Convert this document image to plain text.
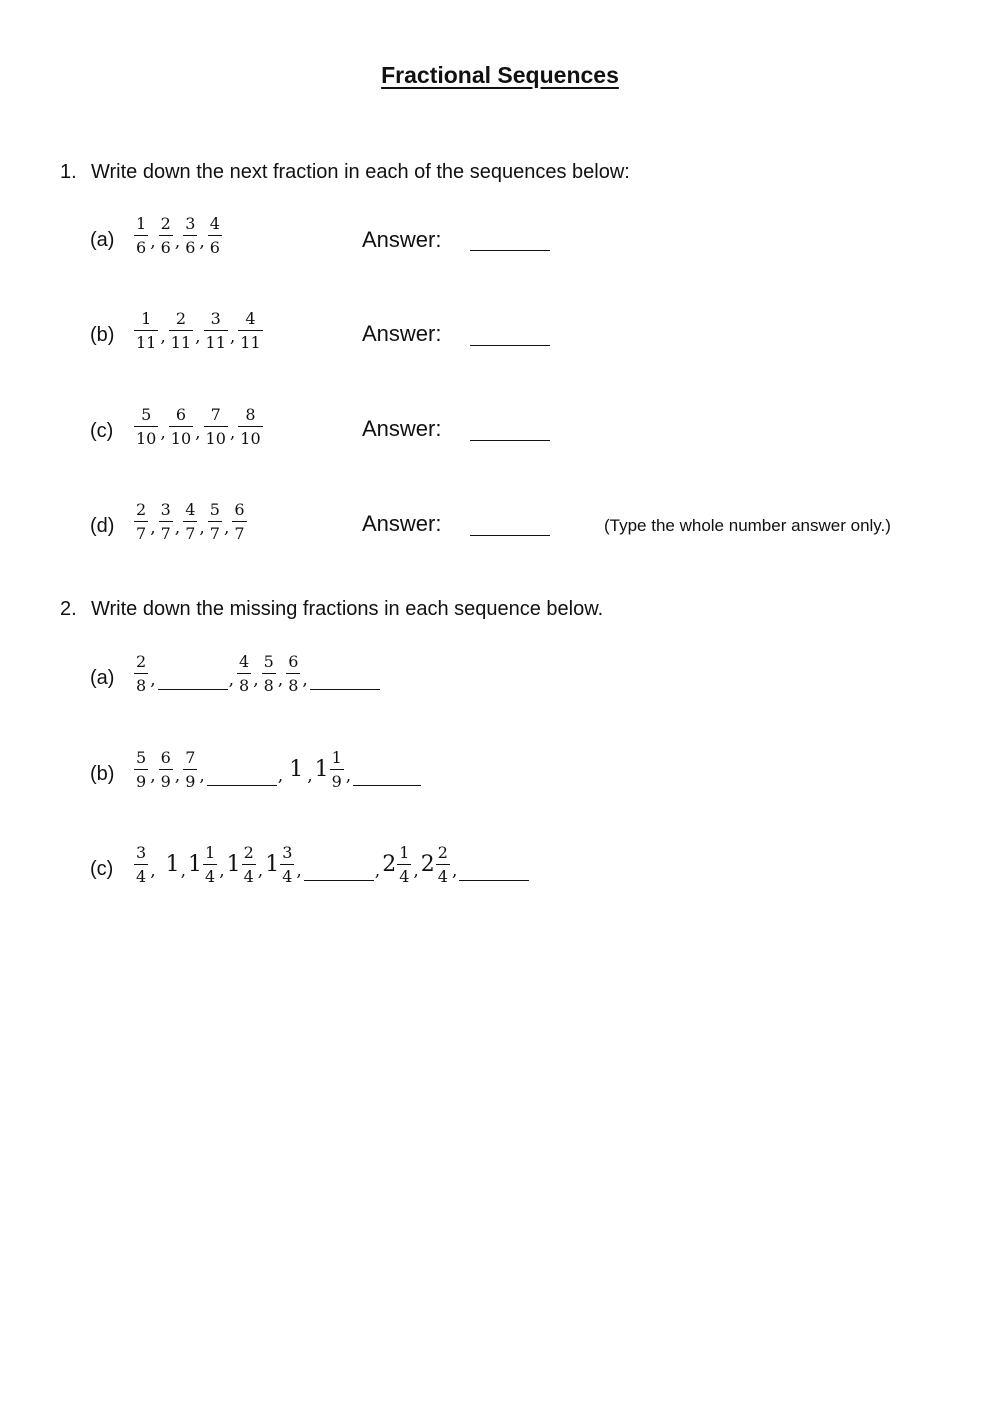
Fractional Sequences
1. Write down the next fraction in each of the sequences below:
$(a) \frac{1}{6}$ , $\frac{2}{6}$ , $\frac{3}{6}$ , $\frac{4}{6}$	Answer:
$(b) \frac{1}{11}$ , $\frac{2}{11}$ , $\frac{3}{11}$ , $\frac{4}{11}$	Answer:
$(c) \frac{5}{10}$ , $\frac{6}{10}$ , $\frac{7}{10}$ , $\frac{8}{10}$	Answer:
$(d) \frac{2}{7}$ , $\frac{3}{7}$ , $\frac{4}{7}$ , $\frac{5}{7}$ , $\frac{6}{7}$	Answer:	(Type the whole number answer only.)
2. Write down the missing fractions in each sequence below.
$(a) \frac{2}{8}$ ,	, $\frac{4}{8}$ , $\frac{5}{8}$ , $\frac{6}{8}$ ,
$(b) \frac{5}{9}$ , $\frac{6}{9}$ , $\frac{7}{9}$ ,	, 1 , $1 \frac{1}{9}$ ,
$(c) \frac{3}{4}$ , 1 , $1 \frac{1}{4}$ , $1 \frac{2}{4}$ , $1 \frac{3}{4}$ ,	, $2 \frac{1}{4}$ , $2 \frac{2}{4}$ ,
